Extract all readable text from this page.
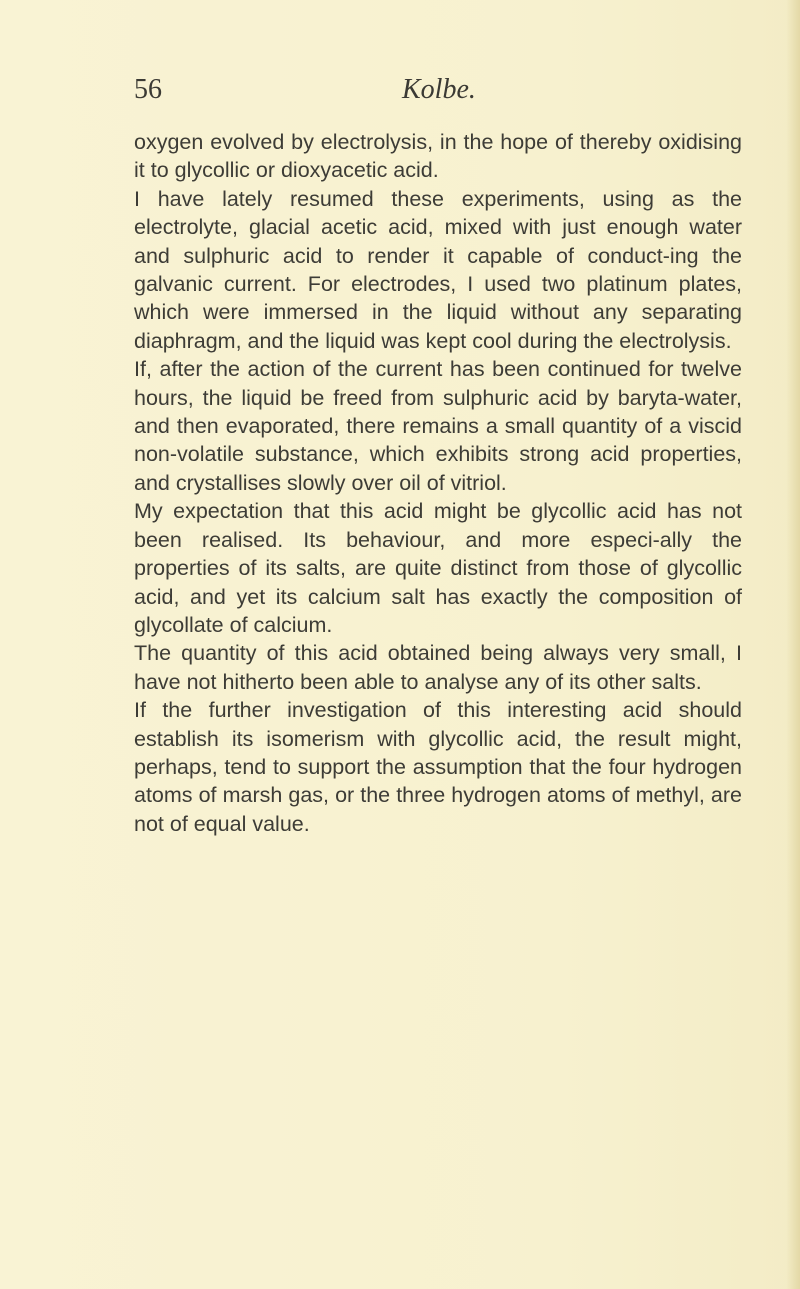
56	Kolbe.

oxygen evolved by electrolysis, in the hope of thereby oxidising it to glycollic or dioxyacetic acid.

I have lately resumed these experiments, using as the electrolyte, glacial acetic acid, mixed with just enough water and sulphuric acid to render it capable of conduct-ing the galvanic current. For electrodes, I used two platinum plates, which were immersed in the liquid without any separating diaphragm, and the liquid was kept cool during the electrolysis.

If, after the action of the current has been continued for twelve hours, the liquid be freed from sulphuric acid by baryta-water, and then evaporated, there remains a small quantity of a viscid non-volatile substance, which exhibits strong acid properties, and crystallises slowly over oil of vitriol.

My expectation that this acid might be glycollic acid has not been realised. Its behaviour, and more especi-ally the properties of its salts, are quite distinct from those of glycollic acid, and yet its calcium salt has exactly the composition of glycollate of calcium.

The quantity of this acid obtained being always very small, I have not hitherto been able to analyse any of its other salts.

If the further investigation of this interesting acid should establish its isomerism with glycollic acid, the result might, perhaps, tend to support the assumption that the four hydrogen atoms of marsh gas, or the three hydrogen atoms of methyl, are not of equal value.
